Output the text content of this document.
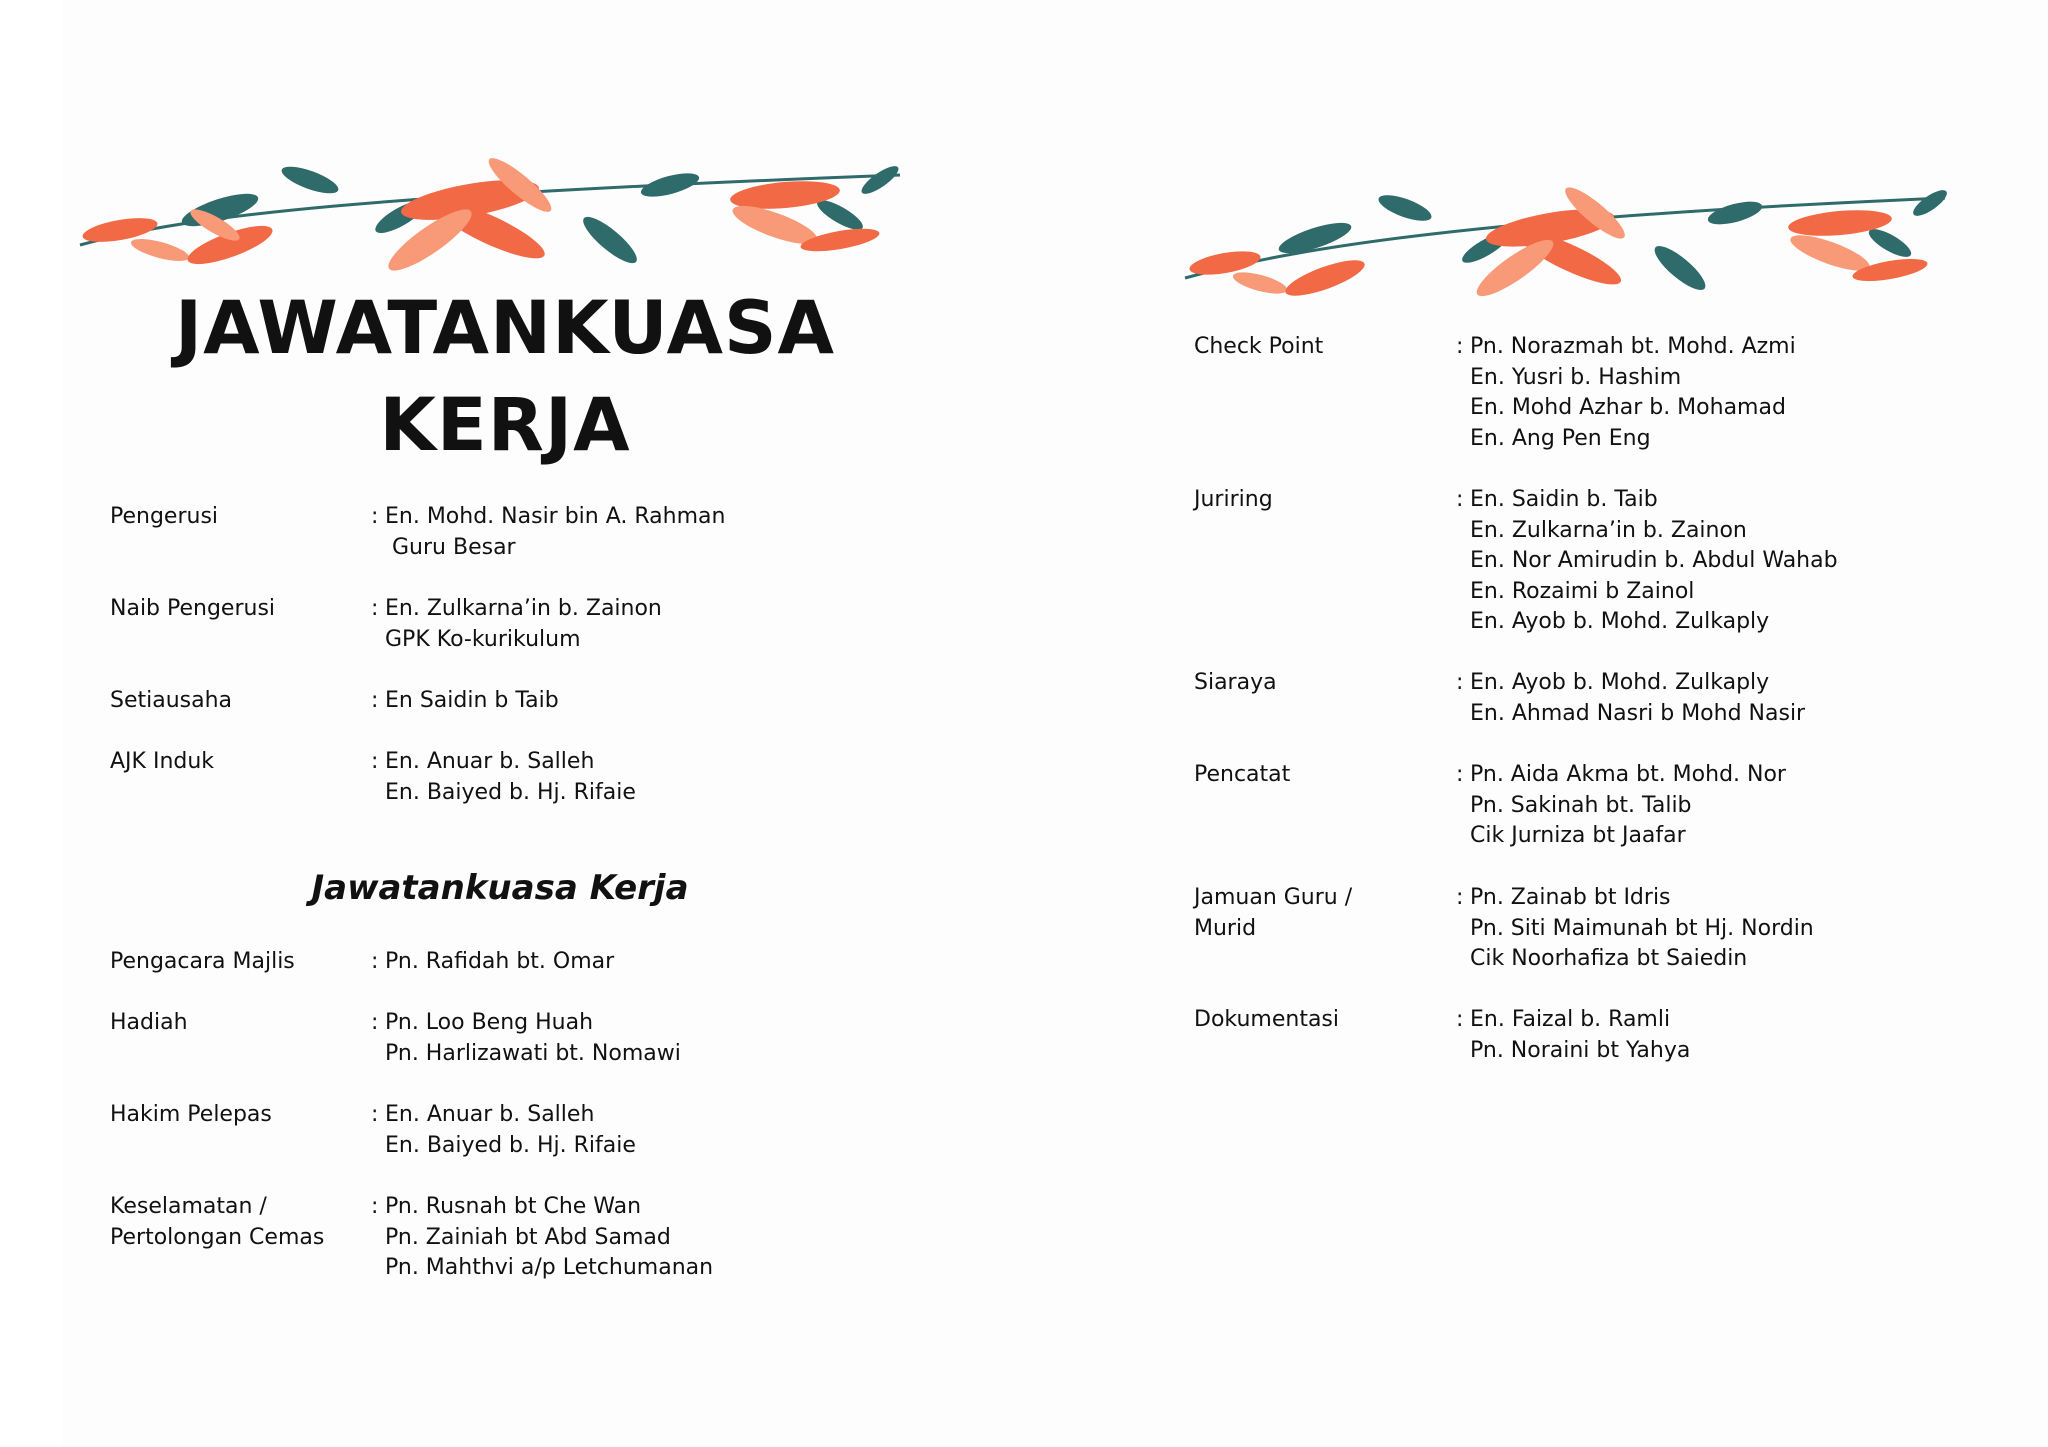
JAWATANKUASA
KERJA
Jawatankuasa Kerja
Pengerusi	: En. Mohd. Nasir bin A. Rahman
Guru Besar
Naib Pengerusi	: En. Zulkarna’in b. Zainon
GPK Ko-kurikulum
Setiausaha	: En Saidin b Taib
AJK Induk	: En. Anuar b. Salleh
En. Baiyed b. Hj. Rifaie
Pengacara Majlis	: Pn. Rafidah bt. Omar
Hadiah	: Pn. Loo Beng Huah
Pn. Harlizawati bt. Nomawi
Hakim Pelepas	: En. Anuar b. Salleh
En. Baiyed b. Hj. Rifaie
Keselamatan /
Pertolongan Cemas
: Pn. Rusnah bt Che Wan
Pn. Zainiah bt Abd Samad
Pn. Mahthvi a/p Letchumanan
Check Point	: Pn. Norazmah bt. Mohd. Azmi
En. Yusri b. Hashim
En. Mohd Azhar b. Mohamad
En. Ang Pen Eng
Juriring	: En. Saidin b. Taib
En. Zulkarna’in b. Zainon
En. Nor Amirudin b. Abdul Wahab
En. Rozaimi b Zainol
En. Ayob b. Mohd. Zulkaply
Siaraya	: En. Ayob b. Mohd. Zulkaply
En. Ahmad Nasri b Mohd Nasir
Pencatat	: Pn. Aida Akma bt. Mohd. Nor
Pn. Sakinah bt. Talib
Cik Jurniza bt Jaafar
Jamuan Guru /
Murid
: Pn. Zainab bt Idris
Pn. Siti Maimunah bt Hj. Nordin
Cik Noorhafiza bt Saiedin
Dokumentasi	: En. Faizal b. Ramli
Pn. Noraini bt Yahya
